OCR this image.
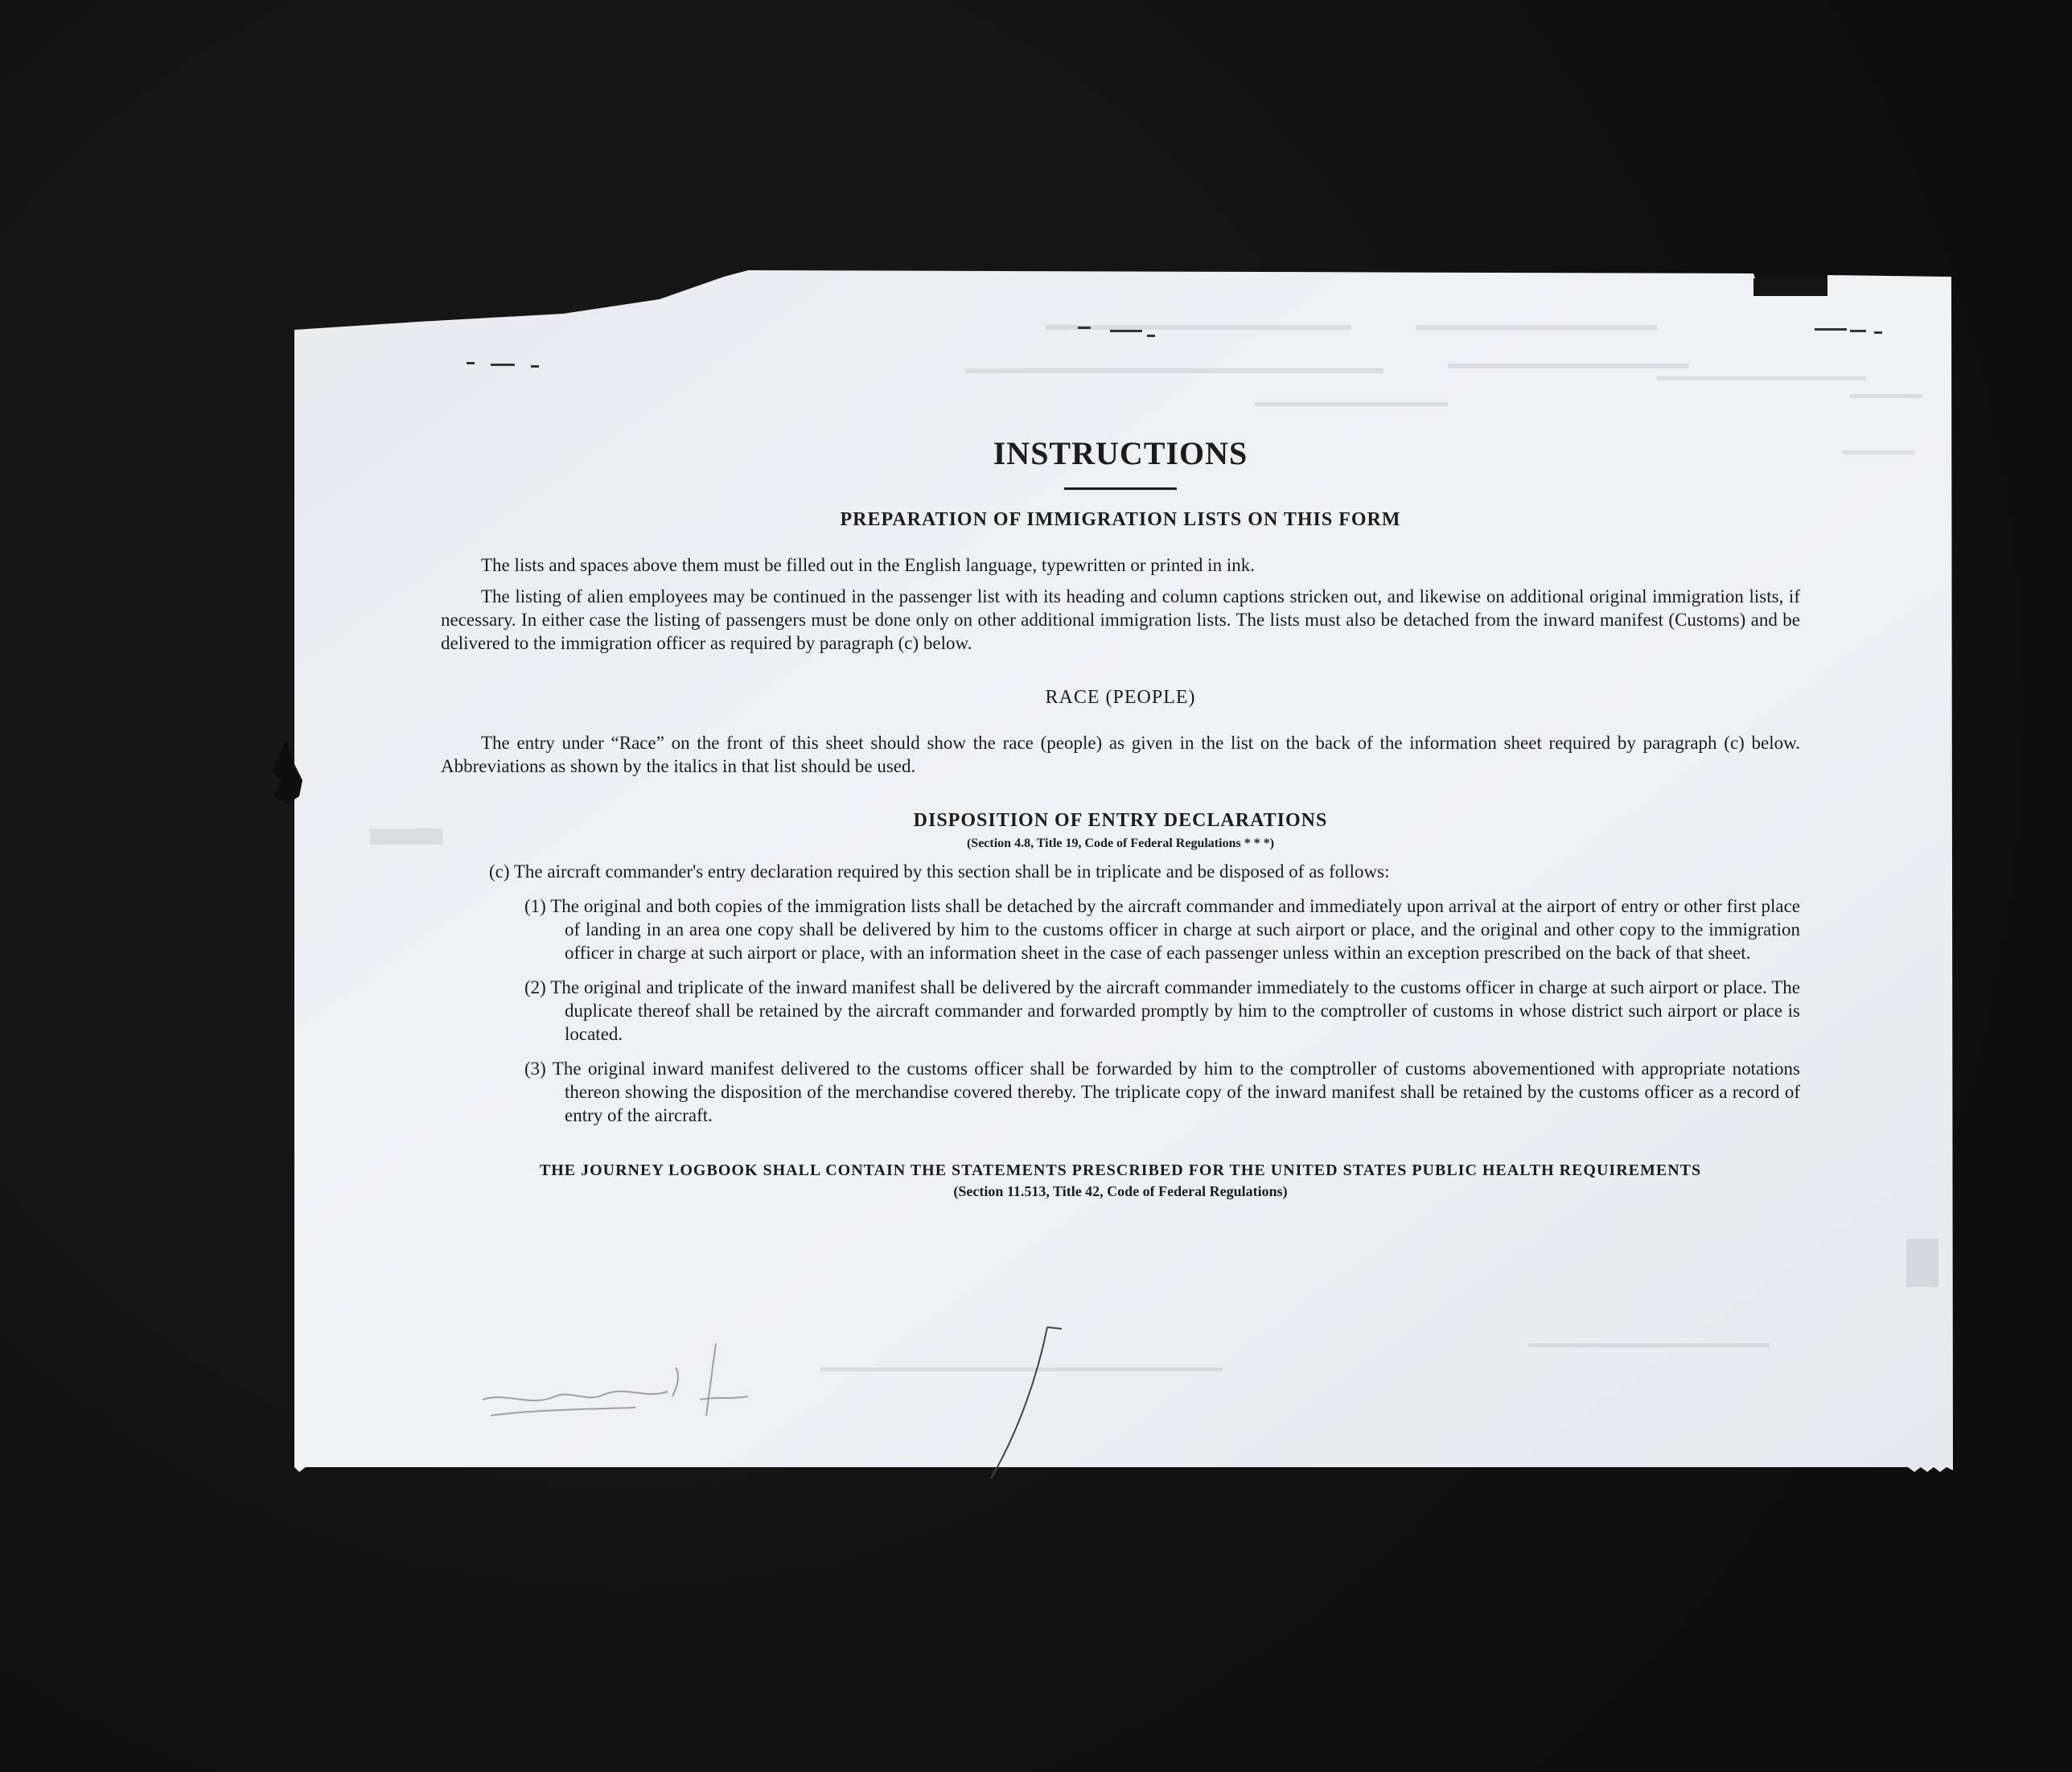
INSTRUCTIONS
PREPARATION OF IMMIGRATION LISTS ON THIS FORM

The lists and spaces above them must be filled out in the English language, typewritten or printed in ink.

The listing of alien employees may be continued in the passenger list with its heading and column captions stricken out, and likewise on additional original immigration lists, if necessary. In either case the listing of passengers must be done only on other additional immigration lists. The lists must also be detached from the inward manifest (Customs) and be delivered to the immigration officer as required by paragraph (c) below.

RACE (PEOPLE)

The entry under “Race” on the front of this sheet should show the race (people) as given in the list on the back of the information sheet required by paragraph (c) below. Abbreviations as shown by the italics in that list should be used.

DISPOSITION OF ENTRY DECLARATIONS

(Section 4.8, Title 19, Code of Federal Regulations * * *)

(c) The aircraft commander's entry declaration required by this section shall be in triplicate and be disposed of as follows:

(1) The original and both copies of the immigration lists shall be detached by the aircraft commander and immediately upon arrival at the airport of entry or other first place of landing in an area one copy shall be delivered by him to the customs officer in charge at such airport or place, and the original and other copy to the immigration officer in charge at such airport or place, with an information sheet in the case of each passenger unless within an exception prescribed on the back of that sheet.

(2) The original and triplicate of the inward manifest shall be delivered by the aircraft commander immediately to the customs officer in charge at such airport or place. The duplicate thereof shall be retained by the aircraft commander and forwarded promptly by him to the comptroller of customs in whose district such airport or place is located.

(3) The original inward manifest delivered to the customs officer shall be forwarded by him to the comptroller of customs abovementioned with appropriate notations thereon showing the disposition of the merchandise covered thereby. The triplicate copy of the inward manifest shall be retained by the customs officer as a record of entry of the aircraft.

THE JOURNEY LOGBOOK SHALL CONTAIN THE STATEMENTS PRESCRIBED FOR THE UNITED STATES PUBLIC HEALTH REQUIREMENTS

(Section 11.513, Title 42, Code of Federal Regulations)
